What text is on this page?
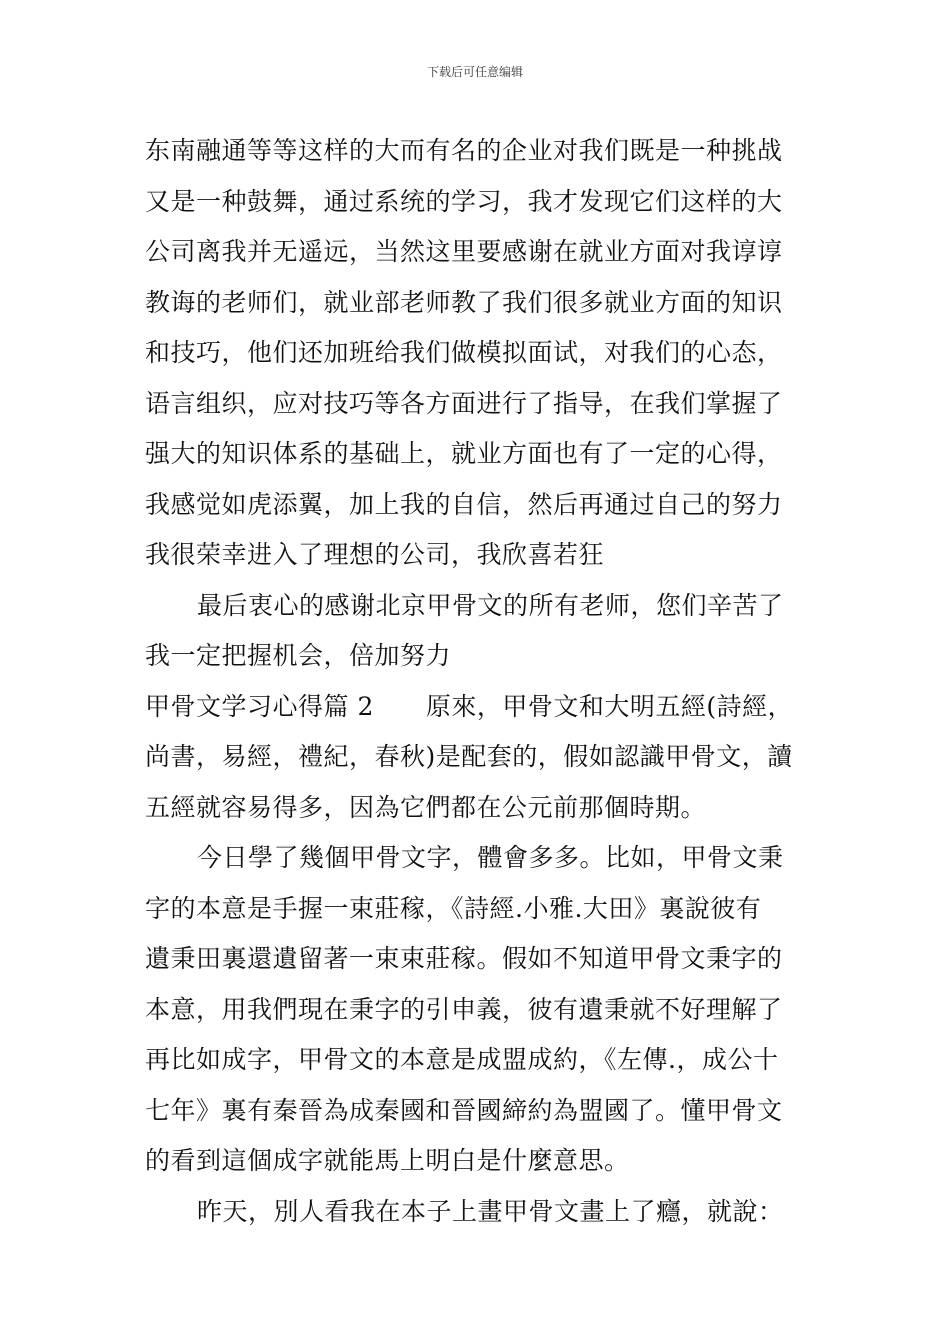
下载后可任意编辑
东南融通等等这样的大而有名的企业对我们既是一种挑战
又是一种鼓舞，通过系统的学习，我才发现它们这样的大
公司离我并无遥远，当然这里要感谢在就业方面对我谆谆
教诲的老师们，就业部老师教了我们很多就业方面的知识
和技巧，他们还加班给我们做模拟面试，对我们的心态，
语言组织，应对技巧等各方面进行了指导，在我们掌握了
强大的知识体系的基础上，就业方面也有了一定的心得，
我感觉如虎添翼，加上我的自信，然后再通过自己的努力
我很荣幸进入了理想的公司，我欣喜若狂
最后衷心的感谢北京甲骨文的所有老师，您们辛苦了
我一定把握机会，倍加努力
甲骨文学习心得篇 2 原來，甲骨文和大明五經(詩經，
尚書，易經，禮紀，春秋)是配套的，假如認識甲骨文，讀
五經就容易得多，因為它們都在公元前那個時期。
今日學了幾個甲骨文字，體會多多。比如，甲骨文秉
字的本意是手握一束莊稼，《詩經.小雅.大田》裏說彼有
遺秉田裏還遺留著一束束莊稼。假如不知道甲骨文秉字的
本意，用我們現在秉字的引申義，彼有遺秉就不好理解了
再比如成字，甲骨文的本意是成盟成約，《左傳.，成公十
七年》裏有秦晉為成秦國和晉國締約為盟國了。懂甲骨文
的看到這個成字就能馬上明白是什麼意思。
昨天，別人看我在本子上畫甲骨文畫上了癮，就說：
